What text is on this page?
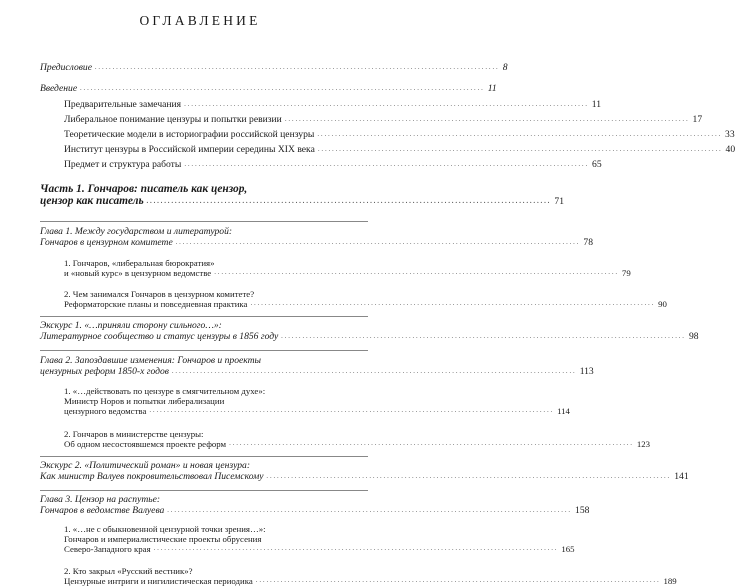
ОГЛАВЛЕНИЕ
Предисловие .................................................................................................................. 8
Введение .................................................................................................................. 11
Предварительные замечания .................................................................................................................. 11
Либеральное понимание цензуры и попытки ревизии .................................................................................................................. 17
Теоретические модели в историографии российской цензуры .................................................................................................................. 33
Институт цензуры в Российской империи середины XIX века .................................................................................................................. 40
Предмет и структура работы .................................................................................................................. 65
Часть 1. Гончаров: писатель как цензор,
цензор как писатель .................................................................................................................. 71
Глава 1. Между государством и литературой:
Гончаров в цензурном комитете .................................................................................................................. 78
1. Гончаров, «либеральная бюрократия»
и «новый курс» в цензурном ведомстве .................................................................................................................. 79
2. Чем занимался Гончаров в цензурном комитете?
Реформаторские планы и повседневная практика .................................................................................................................. 90
Экскурс 1. «…приняли сторону сильного…»:
Литературное сообщество и статус цензуры в 1856 году .................................................................................................................. 98
Глава 2. Запоздавшие изменения: Гончаров и проекты
цензурных реформ 1850-х годов .................................................................................................................. 113
1. «…действовать по цензуре в смягчительном духе»:
Министр Норов и попытки либерализации
цензурного ведомства .................................................................................................................. 114
2. Гончаров в министерстве цензуры:
Об одном несостоявшемся проекте реформ .................................................................................................................. 123
Экскурс 2. «Политический роман» и новая цензура:
Как министр Валуев покровительствовал Писемскому .................................................................................................................. 141
Глава 3. Цензор на распутье:
Гончаров в ведомстве Валуева .................................................................................................................. 158
1. «…не с обыкновенной цензурной точки зрения…»:
Гончаров и империалистические проекты обрусения
Северо-Западного края .................................................................................................................. 165
2. Кто закрыл «Русский вестник»?
Цензурные интриги и нигилистическая периодика .................................................................................................................. 189
